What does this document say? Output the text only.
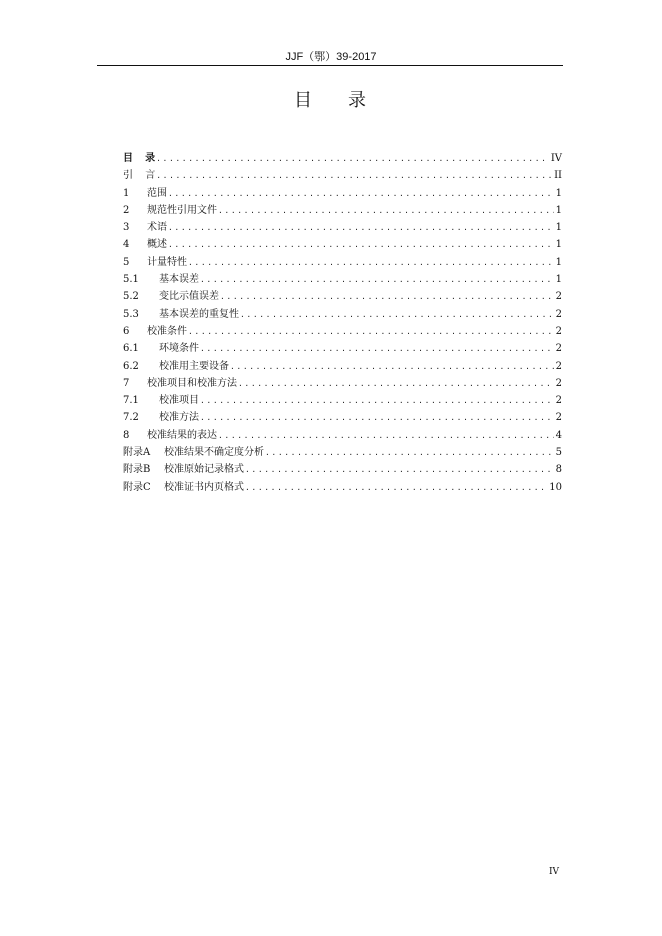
JJF（鄂）39-2017
目 录
目 录 .....	IV
引 言 .....	II
1	范围 .....	1
2	规范性引用文件 .....	1
3	术语 .....	1
4	概述 .....	1
5	计量特性 .....	1
5.1	基本误差 .....	1
5.2	变比示值误差 .....	2
5.3	基本误差的重复性 .....	2
6	校准条件 .....	2
6.1	环境条件 .....	2
6.2	校准用主要设备 .....	2
7	校准项目和校准方法 .....	2
7.1	校准项目 .....	2
7.2	校准方法 .....	2
8	校准结果的表达 .....	4
附录A	校准结果不确定度分析 .....	5
附录B	校准原始记录格式 .....	8
附录C	校准证书内页格式 .....	10
IV
